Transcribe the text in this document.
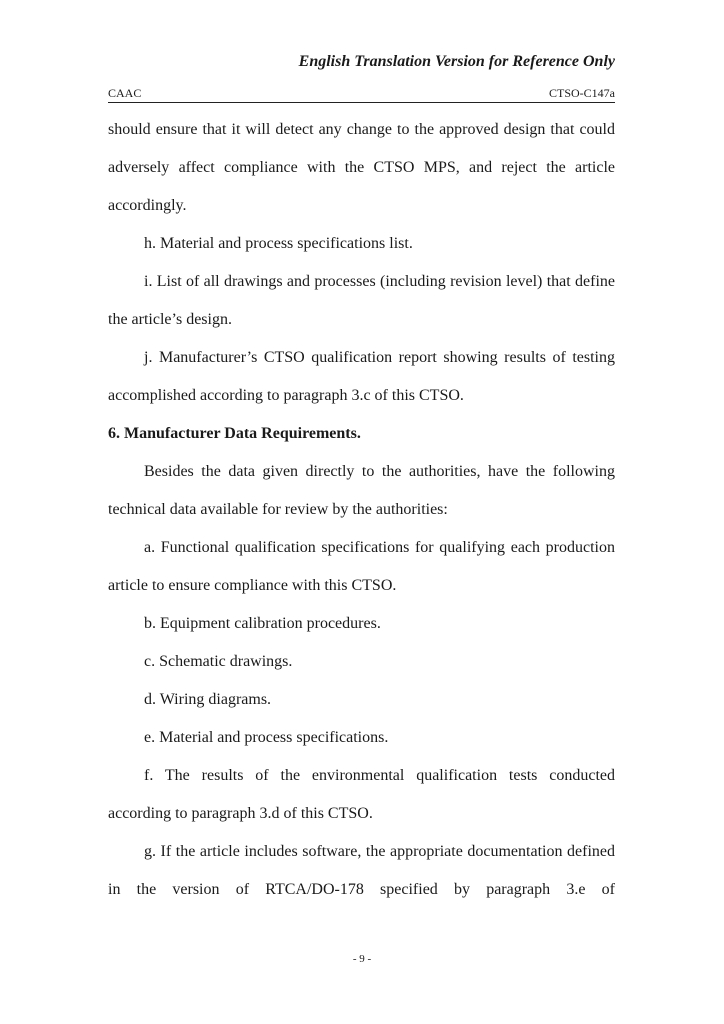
English Translation Version for Reference Only
CAAC	CTSO-C147a

should ensure that it will detect any change to the approved design that could adversely affect compliance with the CTSO MPS, and reject the article accordingly.

h. Material and process specifications list.

i. List of all drawings and processes (including revision level) that define the article’s design.

j. Manufacturer’s CTSO qualification report showing results of testing accomplished according to paragraph 3.c of this CTSO.

6. Manufacturer Data Requirements.

Besides the data given directly to the authorities, have the following technical data available for review by the authorities:

a. Functional qualification specifications for qualifying each production article to ensure compliance with this CTSO.

b. Equipment calibration procedures.

c. Schematic drawings.

d. Wiring diagrams.

e. Material and process specifications.

f. The results of the environmental qualification tests conducted according to paragraph 3.d of this CTSO.

g. If the article includes software, the appropriate documentation defined in the version of RTCA/DO-178 specified by paragraph 3.e of

- 9 -
